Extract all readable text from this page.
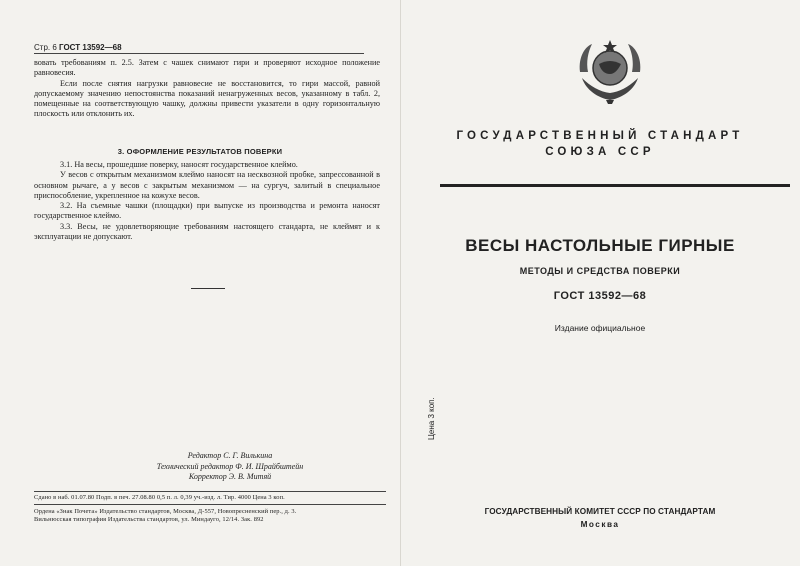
Стр. 6 ГОСТ 13592—68

вовать требованиям п. 2.5. Затем с чашек снимают гири и проверяют исходное положение равновесия.

Если после снятия нагрузки равновесие не восстановится, то гири массой, равной допускаемому значению непостоянства показаний ненагруженных весов, указанному в табл. 2, помещенные на соответствующую чашку, должны привести указатели в одну горизонтальную плоскость или отклонить их.

3. ОФОРМЛЕНИЕ РЕЗУЛЬТАТОВ ПОВЕРКИ

3.1. На весы, прошедшие поверку, наносят государственное клеймо.

У весов с открытым механизмом клеймо наносят на несквозной пробке, запрессованной в основном рычаге, а у весов с закрытым механизмом — на сургуч, залитый в специальное приспособление, укрепленное на кожухе весов.

3.2. На съемные чашки (площадки) при выпуске из производства и ремонта наносят государственное клеймо.

3.3. Весы, не удовлетворяющие требованиям настоящего стандарта, не клеймят и к эксплуатации не допускают.

Редактор С. Г. Вилькина
Технический редактор Ф. И. Шрайбштейн
Корректор Э. В. Митяй
Сдано в наб. 01.07.80 Подп. в печ. 27.08.80 0,5 п. л. 0,39 уч.-изд. л. Тир. 4000 Цена 3 коп.
Ордена «Знак Почета» Издательство стандартов, Москва, Д-557, Новопресненский пер., д. 3.
Вильнюсская типография Издательства стандартов, ул. Миндауго, 12/14. Зак. 892
ГОСУДАРСТВЕННЫЙ СТАНДАРТ
СОЮЗА ССР
ВЕСЫ НАСТОЛЬНЫЕ ГИРНЫЕ
МЕТОДЫ И СРЕДСТВА ПОВЕРКИ
ГОСТ 13592—68
Издание официальное
Цена 3 коп.
ГОСУДАРСТВЕННЫЙ КОМИТЕТ СССР ПО СТАНДАРТАМ
Москва
